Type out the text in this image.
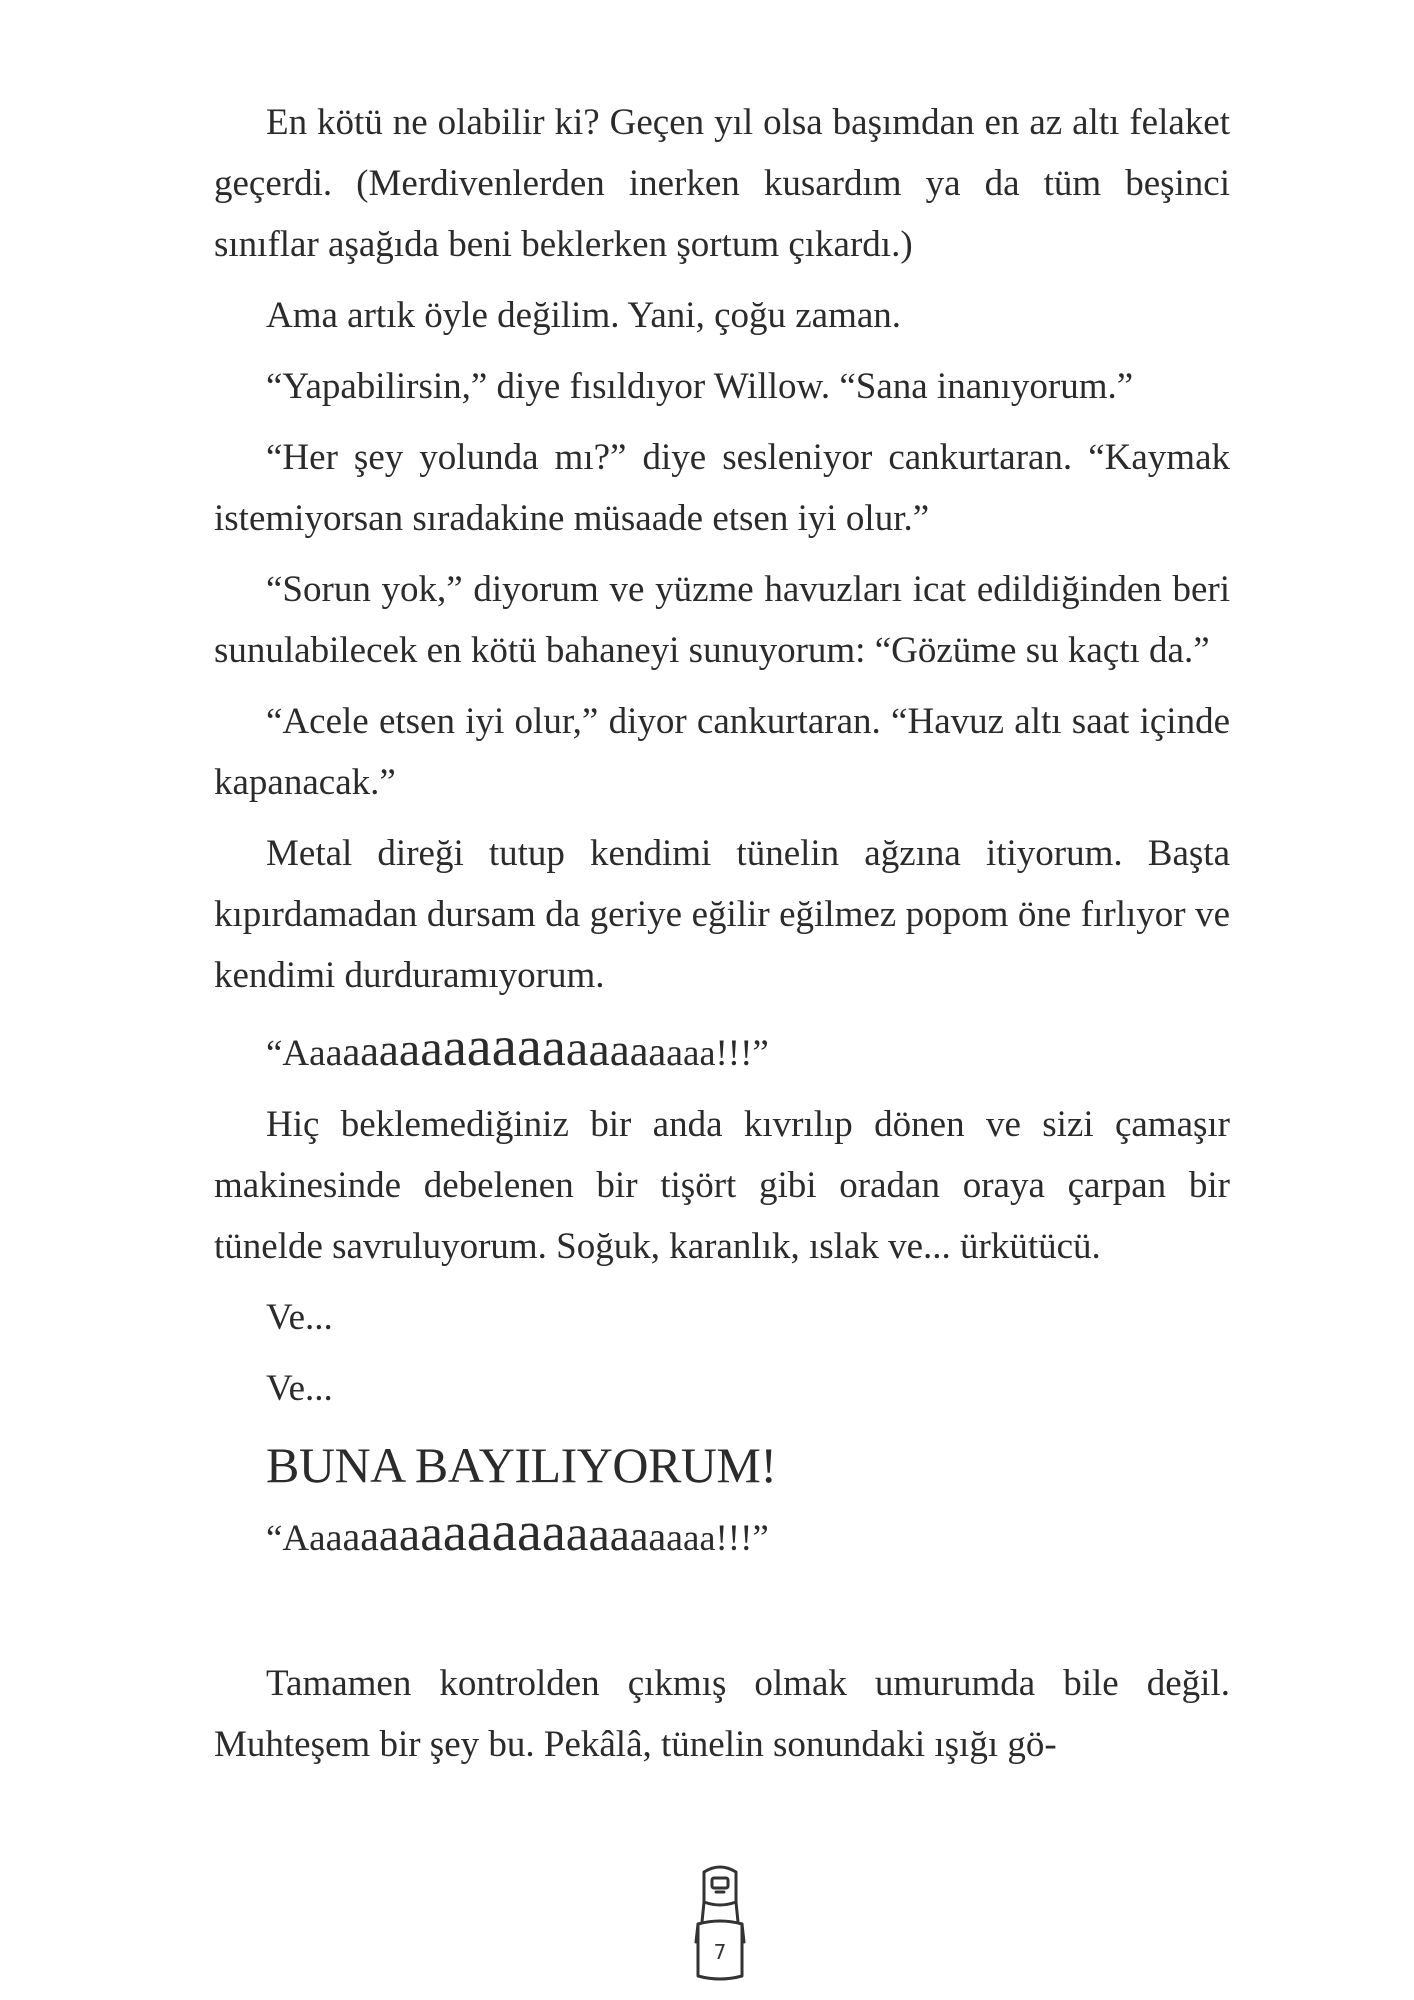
En kötü ne olabilir ki? Geçen yıl olsa başımdan en az altı felaket geçerdi. (Merdivenlerden inerken kusardım ya da tüm beşinci sınıflar aşağıda beni beklerken şortum çıkardı.)

Ama artık öyle değilim. Yani, çoğu zaman.

“Yapabilirsin,” diye fısıldıyor Willow. “Sana inanıyorum.”

“Her şey yolunda mı?” diye sesleniyor cankurtaran. “Kaymak istemiyorsan sıradakine müsaade etsen iyi olur.”

“Sorun yok,” diyorum ve yüzme havuzları icat edildiğinden beri sunulabilecek en kötü bahaneyi sunuyorum: “Gözüme su kaçtı da.”

“Acele etsen iyi olur,” diyor cankurtaran. “Havuz altı saat içinde kapanacak.”

Metal direği tutup kendimi tünelin ağzına itiyorum. Başta kıpırdamadan dursam da geriye eğilir eğilmez popom öne fırlıyor ve kendimi durduramıyorum.

“Aaaaaaaaaaaaaaaaaaaaa!!!”

Hiç beklemediğiniz bir anda kıvrılıp dönen ve sizi çamaşır makinesinde debelenen bir tişört gibi oradan oraya çarpan bir tünelde savruluyorum. Soğuk, karanlık, ıslak ve... ürkütücü.

Ve...

Ve...

BUNA BAYILIYORUM!
“Aaaaaaaaaaaaaaaaaaaaa!!!”

Tamamen kontrolden çıkmış olmak umurumda bile değil. Muhteşem bir şey bu. Pekâlâ, tünelin sonundaki ışığı gö-

7
